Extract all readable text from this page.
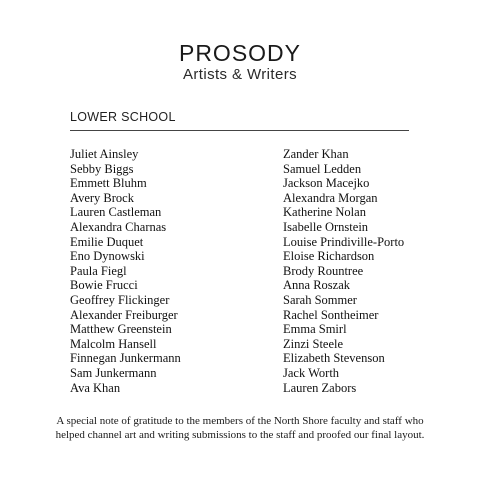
PROSODY
Artists & Writers
LOWER SCHOOL
Juliet Ainsley
Sebby Biggs
Emmett Bluhm
Avery Brock
Lauren Castleman
Alexandra Charnas
Emilie Duquet
Eno Dynowski
Paula Fiegl
Bowie Frucci
Geoffrey Flickinger
Alexander Freiburger
Matthew Greenstein
Malcolm Hansell
Finnegan Junkermann
Sam Junkermann
Ava Khan
Zander Khan
Samuel Ledden
Jackson Macejko
Alexandra Morgan
Katherine Nolan
Isabelle Ornstein
Louise Prindiville-Porto
Eloise Richardson
Brody Rountree
Anna Roszak
Sarah Sommer
Rachel Sontheimer
Emma Smirl
Zinzi Steele
Elizabeth Stevenson
Jack Worth
Lauren Zabors
A special note of gratitude to the members of the North Shore faculty and staff who
helped channel art and writing submissions to the staff and proofed our final layout.
